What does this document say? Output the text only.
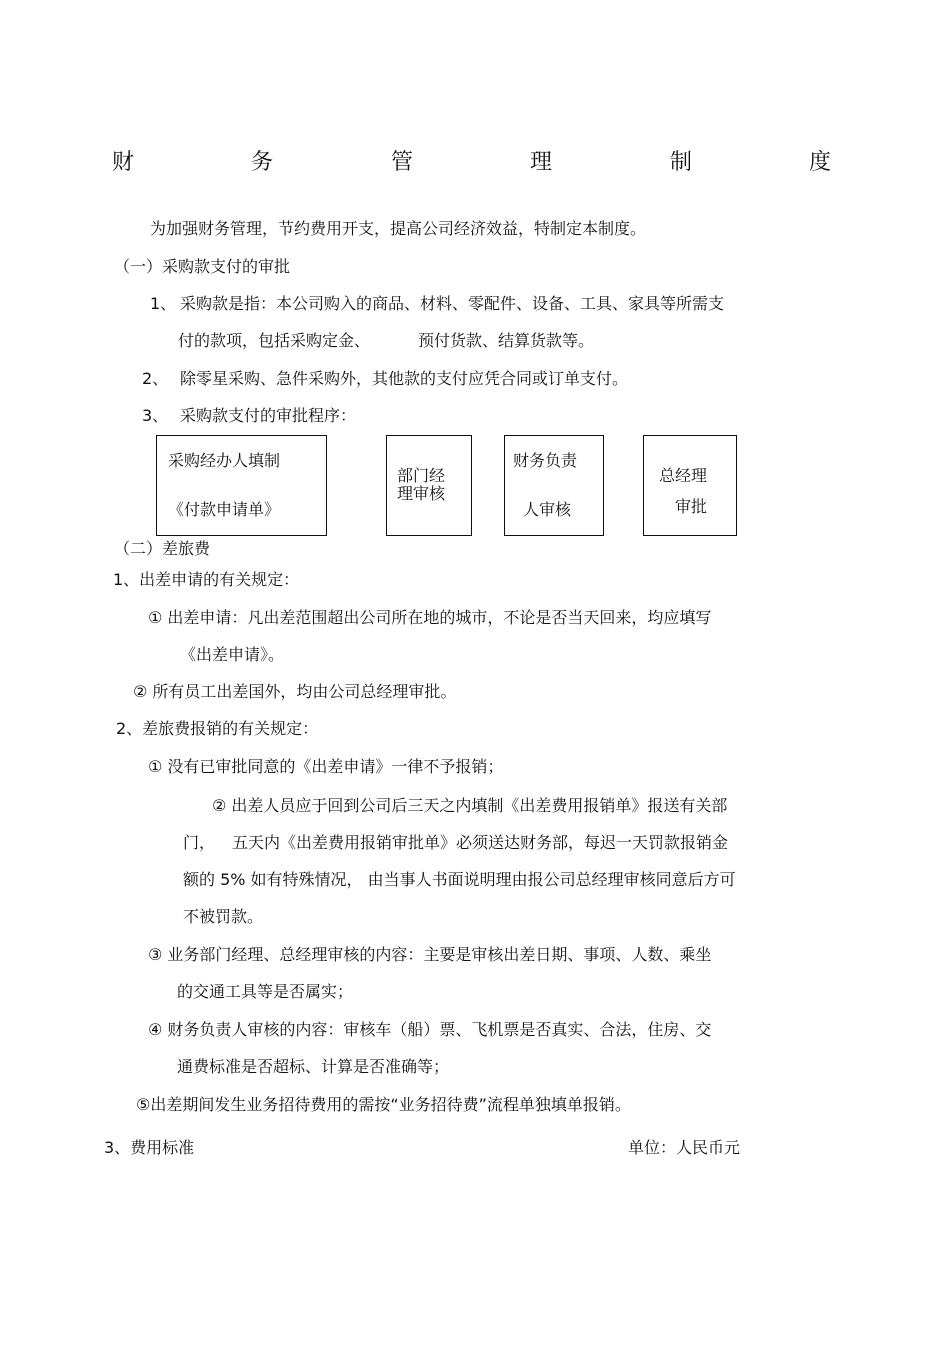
财	务	管	理	制	度
为加强财务管理，节约费用开支，提高公司经济效益，特制定本制度。
（一）采购款支付的审批
1、 采购款是指：本公司购入的商品、材料、零配件、设备、工具、家具等所需支
付的款项，包括采购定金、	预付货款、结算货款等。
2、 除零星采购、急件采购外，其他款的支付应凭合同或订单支付。
3、 采购款支付的审批程序：
采购经办人填制
《付款申请单》
部门经
理审核
财务负责
人审核
总经理
审批
（二）差旅费
1、出差申请的有关规定：
① 出差申请：凡出差范围超出公司所在地的城市，不论是否当天回来，均应填写
《出差申请》。
② 所有员工出差国外，均由公司总经理审批。
2、差旅费报销的有关规定：
① 没有已审批同意的《出差申请》一律不予报销；
② 出差人员应于回到公司后三天之内填制《出差费用报销单》报送有关部
门， 五天内《出差费用报销审批单》必须送达财务部，每迟一天罚款报销金
额的 5% 如有特殊情况， 由当事人书面说明理由报公司总经理审核同意后方可
不被罚款。
③ 业务部门经理、总经理审核的内容：主要是审核出差日期、事项、人数、乘坐
的交通工具等是否属实；
④ 财务负责人审核的内容：审核车（船）票、飞机票是否真实、合法，住房、交
通费标准是否超标、计算是否准确等；
⑤出差期间发生业务招待费用的需按“业务招待费”流程单独填单报销。
3、费用标准	单位：人民币元
